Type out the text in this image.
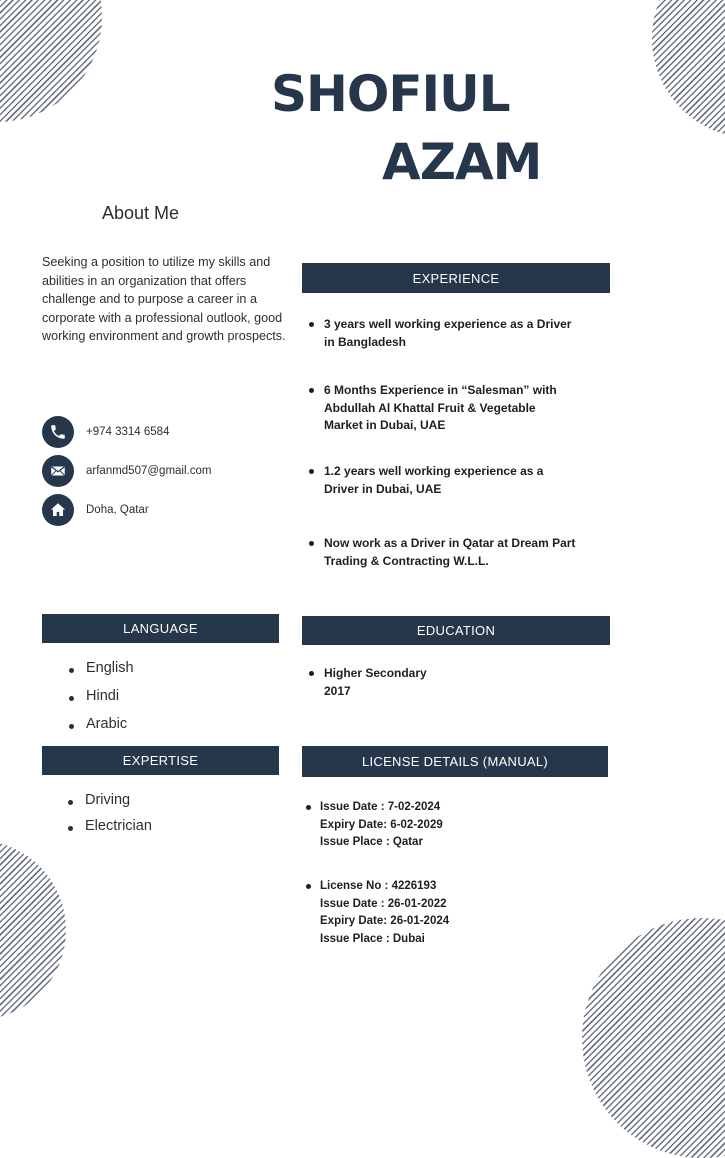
SHOFIUL
AZAM
About Me
Seeking a position to utilize my skills and abilities in an organization that offers challenge and to purpose a career in a corporate with a professional outlook, good working environment and growth prospects.
+974 3314 6584
arfanmd507@gmail.com
Doha, Qatar
EXPERIENCE
LANGUAGE	EDUCATION
EXPERTISE	LICENSE DETAILS (MANUAL)
3 years well working experience as a Driver
in Bangladesh
6 Months Experience in “Salesman” with
Abdullah Al Khattal Fruit & Vegetable
Market in Dubai, UAE
1.2 years well working experience as a
Driver in Dubai, UAE
Now work as a Driver in Qatar at Dream Part
Trading & Contracting W.L.L.
Higher Secondary
2017
English
Hindi
Arabic
Driving
Electrician
Issue Date : 7-02-2024
Expiry Date: 6-02-2029
Issue Place : Qatar
License No : 4226193
Issue Date : 26-01-2022
Expiry Date: 26-01-2024
Issue Place : Dubai
